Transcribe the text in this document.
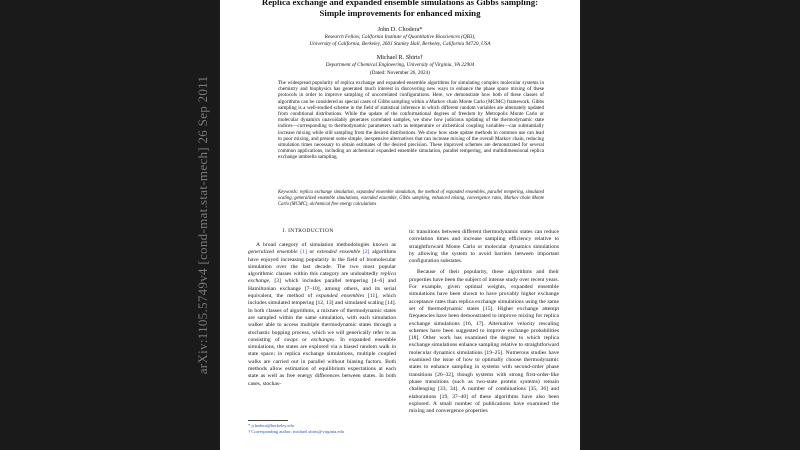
arXiv:1105.5749v4 [cond-mat.stat-mech] 26 Sep 2011
Replica exchange and expanded ensemble simulations as Gibbs sampling:
Simple improvements for enhanced mixing
John D. Chodera*
Research Fellow, California Institute of Quantitative Biosciences (QB3),
University of California, Berkeley, 260J Stanley Hall, Berkeley, California 94720, USA
Michael R. Shirts†
Department of Chemical Engineering, University of Virginia, VA 22904
(Dated: November 26, 2024)
The widespread popularity of replica exchange and expanded ensemble algorithms for simulating complex molecular systems in chemistry and biophysics has generated much interest in discovering new ways to enhance the phase space mixing of these protocols in order to improve sampling of uncorrelated configurations. Here, we demonstrate how both of these classes of algorithms can be considered as special cases of Gibbs sampling within a Markov chain Monte Carlo (MCMC) framework. Gibbs sampling is a well-studied scheme in the field of statistical inference in which different random variables are alternately updated from conditional distributions. While the update of the conformational degrees of freedom by Metropolis Monte Carlo or molecular dynamics unavoidably generates correlated samples, we show how judicious updating of the thermodynamic state indices—corresponding to thermodynamic parameters such as temperature or alchemical coupling variables—can substantially increase mixing while still sampling from the desired distributions. We show how state update methods in common use can lead to poor mixing, and present some simple, inexpensive alternatives that can increase mixing of the overall Markov chain, reducing simulation times necessary to obtain estimates of the desired precision. These improved schemes are demonstrated for several common applications, including an alchemical expanded ensemble simulation, parallel tempering, and multidimensional replica exchange umbrella sampling.
Keywords: replica exchange simulation, expanded ensemble simulation, the method of expanded ensembles, parallel tempering, simulated scaling, generalized ensemble simulations, extended ensemble, Gibbs sampling, enhanced mixing, convergence rates, Markov chain Monte Carlo (MCMC), alchemical free energy calculations
I. INTRODUCTION

A broad category of simulation methodologies known as generalized ensemble [1] or extended ensemble [2] algorithms have enjoyed increasing popularity in the field of biomolecular simulation over the last decade. The two most popular algorithmic classes within this category are undoubtedly replica exchange, [3] which includes parallel tempering [4–6] and Hamiltonian exchange [7–10], among others, and its serial equivalent, the method of expanded ensembles [11], which includes simulated tempering [12, 13] and simulated scaling [14]. In both classes of algorithms, a mixture of thermodynamic states are sampled within the same simulation, with each simulation walker able to access multiple thermodynamic states through a stochastic hopping process, which we will generically refer to as consisting of swaps or exchanges. In expanded ensemble simulations, the states are explored via a biased random walk in state space; in replica exchange simulations, multiple coupled walks are carried out in parallel without biasing factors. Both methods allow estimation of equilibrium expectations at each state as well as free energy differences between states. In both cases, stochas-

* jchodera@berkeley.edu
† Corresponding author; michael.shirts@virginia.edu

tic transitions between different thermodynamic states can reduce correlation times and increase sampling efficiency relative to straightforward Monte Carlo or molecular dynamics simulations by allowing the system to avoid barriers between important configuration substates.

Because of their popularity, these algorithms and their properties have been the subject of intense study over recent years. For example, given optimal weights, expanded ensemble simulations have been shown to have provably higher exchange acceptance rates than replica exchange simulations using the same set of thermodynamic states [15]. Higher exchange attempt frequencies have been demonstrated to improve mixing for replica exchange simulations [16, 17]. Alternative velocity rescaling schemes have been suggested to improve exchange probabilities [18]. Other work has examined the degree to which replica exchange simulations enhance sampling relative to straightforward molecular dynamics simulations [19–25]. Numerous studies have examined the issue of how to optimally choose thermodynamic states to enhance sampling in systems with second-order phase transitions [26–32], though systems with strong first-order-like phase transitions (such as two-state protein systems) remain challenging [33, 34]. A number of combinations [35, 36] and elaborations [19, 37–40] of these algorithms have also been explored. A small number of publications have examined the mixing and convergence properties
